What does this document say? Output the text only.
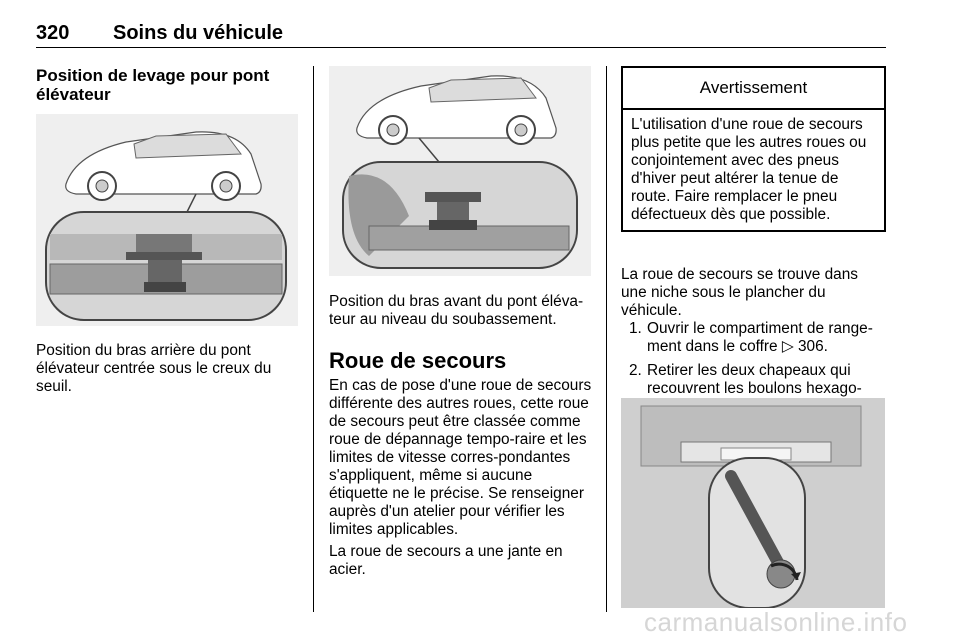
320 Soins du véhicule
Position de levage pour pont élévateur
Position du bras arrière du pont élévateur centrée sous le creux du seuil.
Position du bras avant du pont éléva-teur au niveau du soubassement.
Roue de secours
En cas de pose d'une roue de secours différente des autres roues, cette roue de secours peut être classée comme roue de dépannage tempo-raire et les limites de vitesse corres-pondantes s'appliquent, même si aucune étiquette ne le précise. Se renseigner auprès d'un atelier pour vérifier les limites applicables.
La roue de secours a une jante en acier.
Avertissement
L'utilisation d'une roue de secours plus petite que les autres roues ou conjointement avec des pneus d'hiver peut altérer la tenue de route. Faire remplacer le pneu défectueux dès que possible.
La roue de secours se trouve dans une niche sous le plancher du véhicule.
1. Ouvrir le compartiment de range-ment dans le coffre ▷ 306.
2. Retirer les deux chapeaux qui recouvrent les boulons hexago-
carmanualsonline.info
